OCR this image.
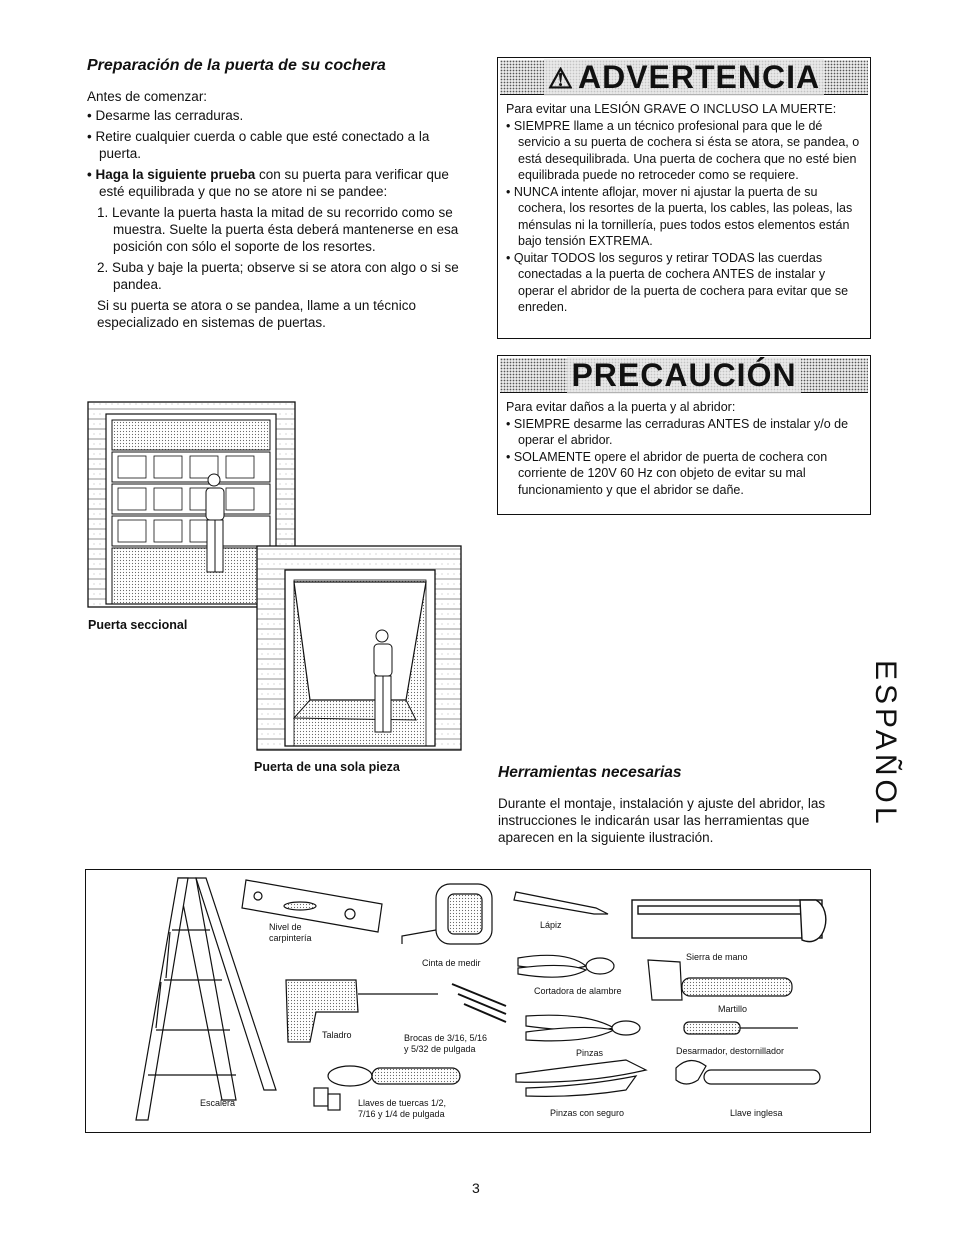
Preparación de la puerta de su cochera

Antes de comenzar:

• Desarme las cerraduras.

• Retire cualquier cuerda o cable que esté conectado a la puerta.

• Haga la siguiente prueba con su puerta para verificar que esté equilibrada y que no se atore ni se pandee:

1. Levante la puerta hasta la mitad de su recorrido como se muestra. Suelte la puerta ésta deberá mantenerse en esa posición con sólo el soporte de los resortes.

2. Suba y baje la puerta; observe si se atora con algo o si se pandea.

Si su puerta se atora o se pandea, llame a un técnico especializado en sistemas de puertas.

⚠ ADVERTENCIA

Para evitar una LESIÓN GRAVE O INCLUSO LA MUERTE:

• SIEMPRE llame a un técnico profesional para que le dé servicio a su puerta de cochera si ésta se atora, se pandea, o está desequilibrada. Una puerta de cochera que no esté bien equilibrada puede no retroceder como se requiere.

• NUNCA intente aflojar, mover ni ajustar la puerta de su cochera, los resortes de la puerta, los cables, las poleas, las ménsulas ni la tornillería, pues todos estos elementos están bajo tensión EXTREMA.

• Quitar TODOS los seguros y retirar TODAS las cuerdas conectadas a la puerta de cochera ANTES de instalar y operar el abridor de la puerta de cochera para evitar que se enreden.

PRECAUCIÓN

Para evitar daños a la puerta y al abridor:

• SIEMPRE desarme las cerraduras ANTES de instalar y/o de operar el abridor.

• SOLAMENTE opere el abridor de puerta de cochera con corriente de 120V 60 Hz con objeto de evitar su mal funcionamiento y que el abridor se dañe.

Puerta seccional
Puerta de una sola pieza	Herramientas necesarias
Durante el montaje, instalación y ajuste del abridor, las instrucciones le indicarán usar las herramientas que aparecen en la siguiente ilustración.
ESPAÑOL
Nivel de carpintería
Cinta de medir
Lápiz
Sierra de mano
Cortadora de alambre
Martillo
Taladro	Brocas de 3/16, 5/16 y 5/32 de pulgada	Pinzas	Desarmador, destornillador
Escalera	Llaves de tuercas 1/2, 7/16 y 1/4 de pulgada	Pinzas con seguro	Llave inglesa
3
